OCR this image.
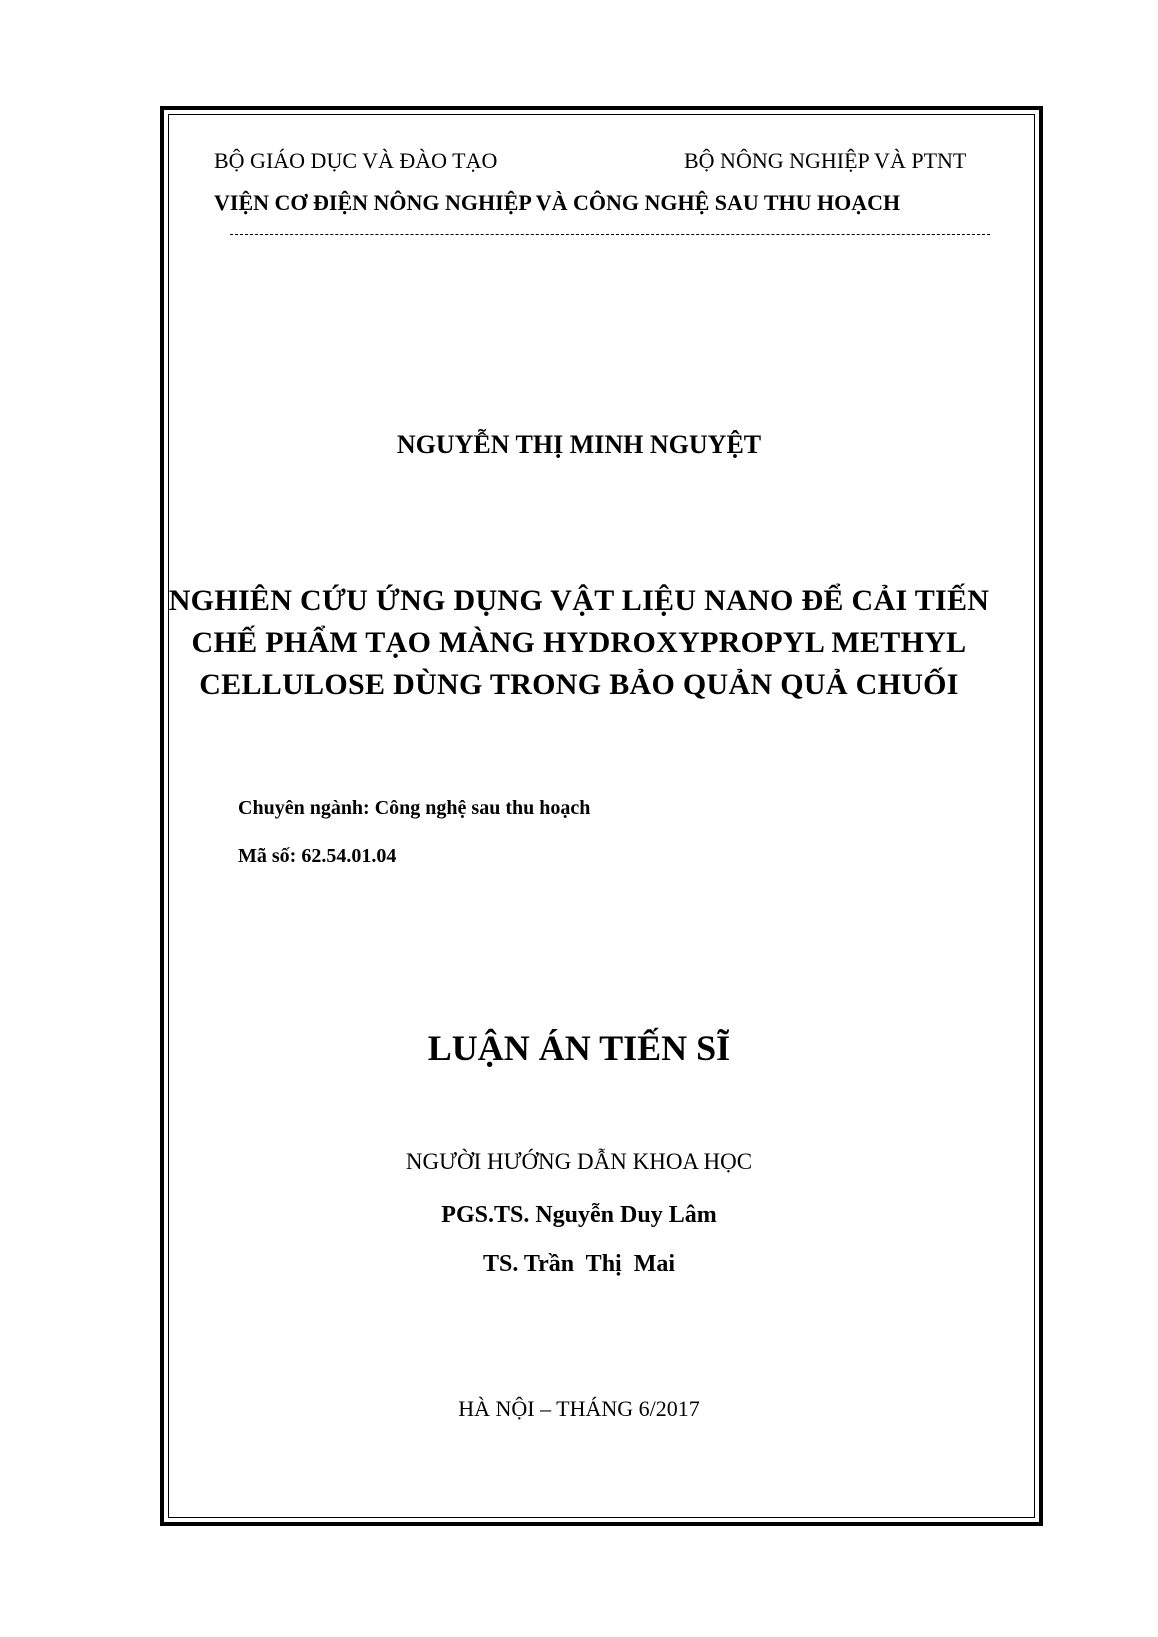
BỘ GIÁO DỤC VÀ ĐÀO TẠO	BỘ NÔNG NGHIỆP VÀ PTNT
VIỆN CƠ ĐIỆN NÔNG NGHIỆP VÀ CÔNG NGHỆ SAU THU HOẠCH
NGUYỄN THỊ MINH NGUYỆT
NGHIÊN CỨU ỨNG DỤNG VẬT LIỆU NANO ĐỂ CẢI TIẾN
CHẾ PHẨM TẠO MÀNG HYDROXYPROPYL METHYL
CELLULOSE DÙNG TRONG BẢO QUẢN QUẢ CHUỐI
Chuyên ngành: Công nghệ sau thu hoạch
Mã số: 62.54.01.04
LUẬN ÁN TIẾN SĨ
NGƯỜI HƯỚNG DẪN KHOA HỌC
PGS.TS. Nguyễn Duy Lâm
TS. Trần  Thị  Mai
HÀ NỘI – THÁNG 6/2017
